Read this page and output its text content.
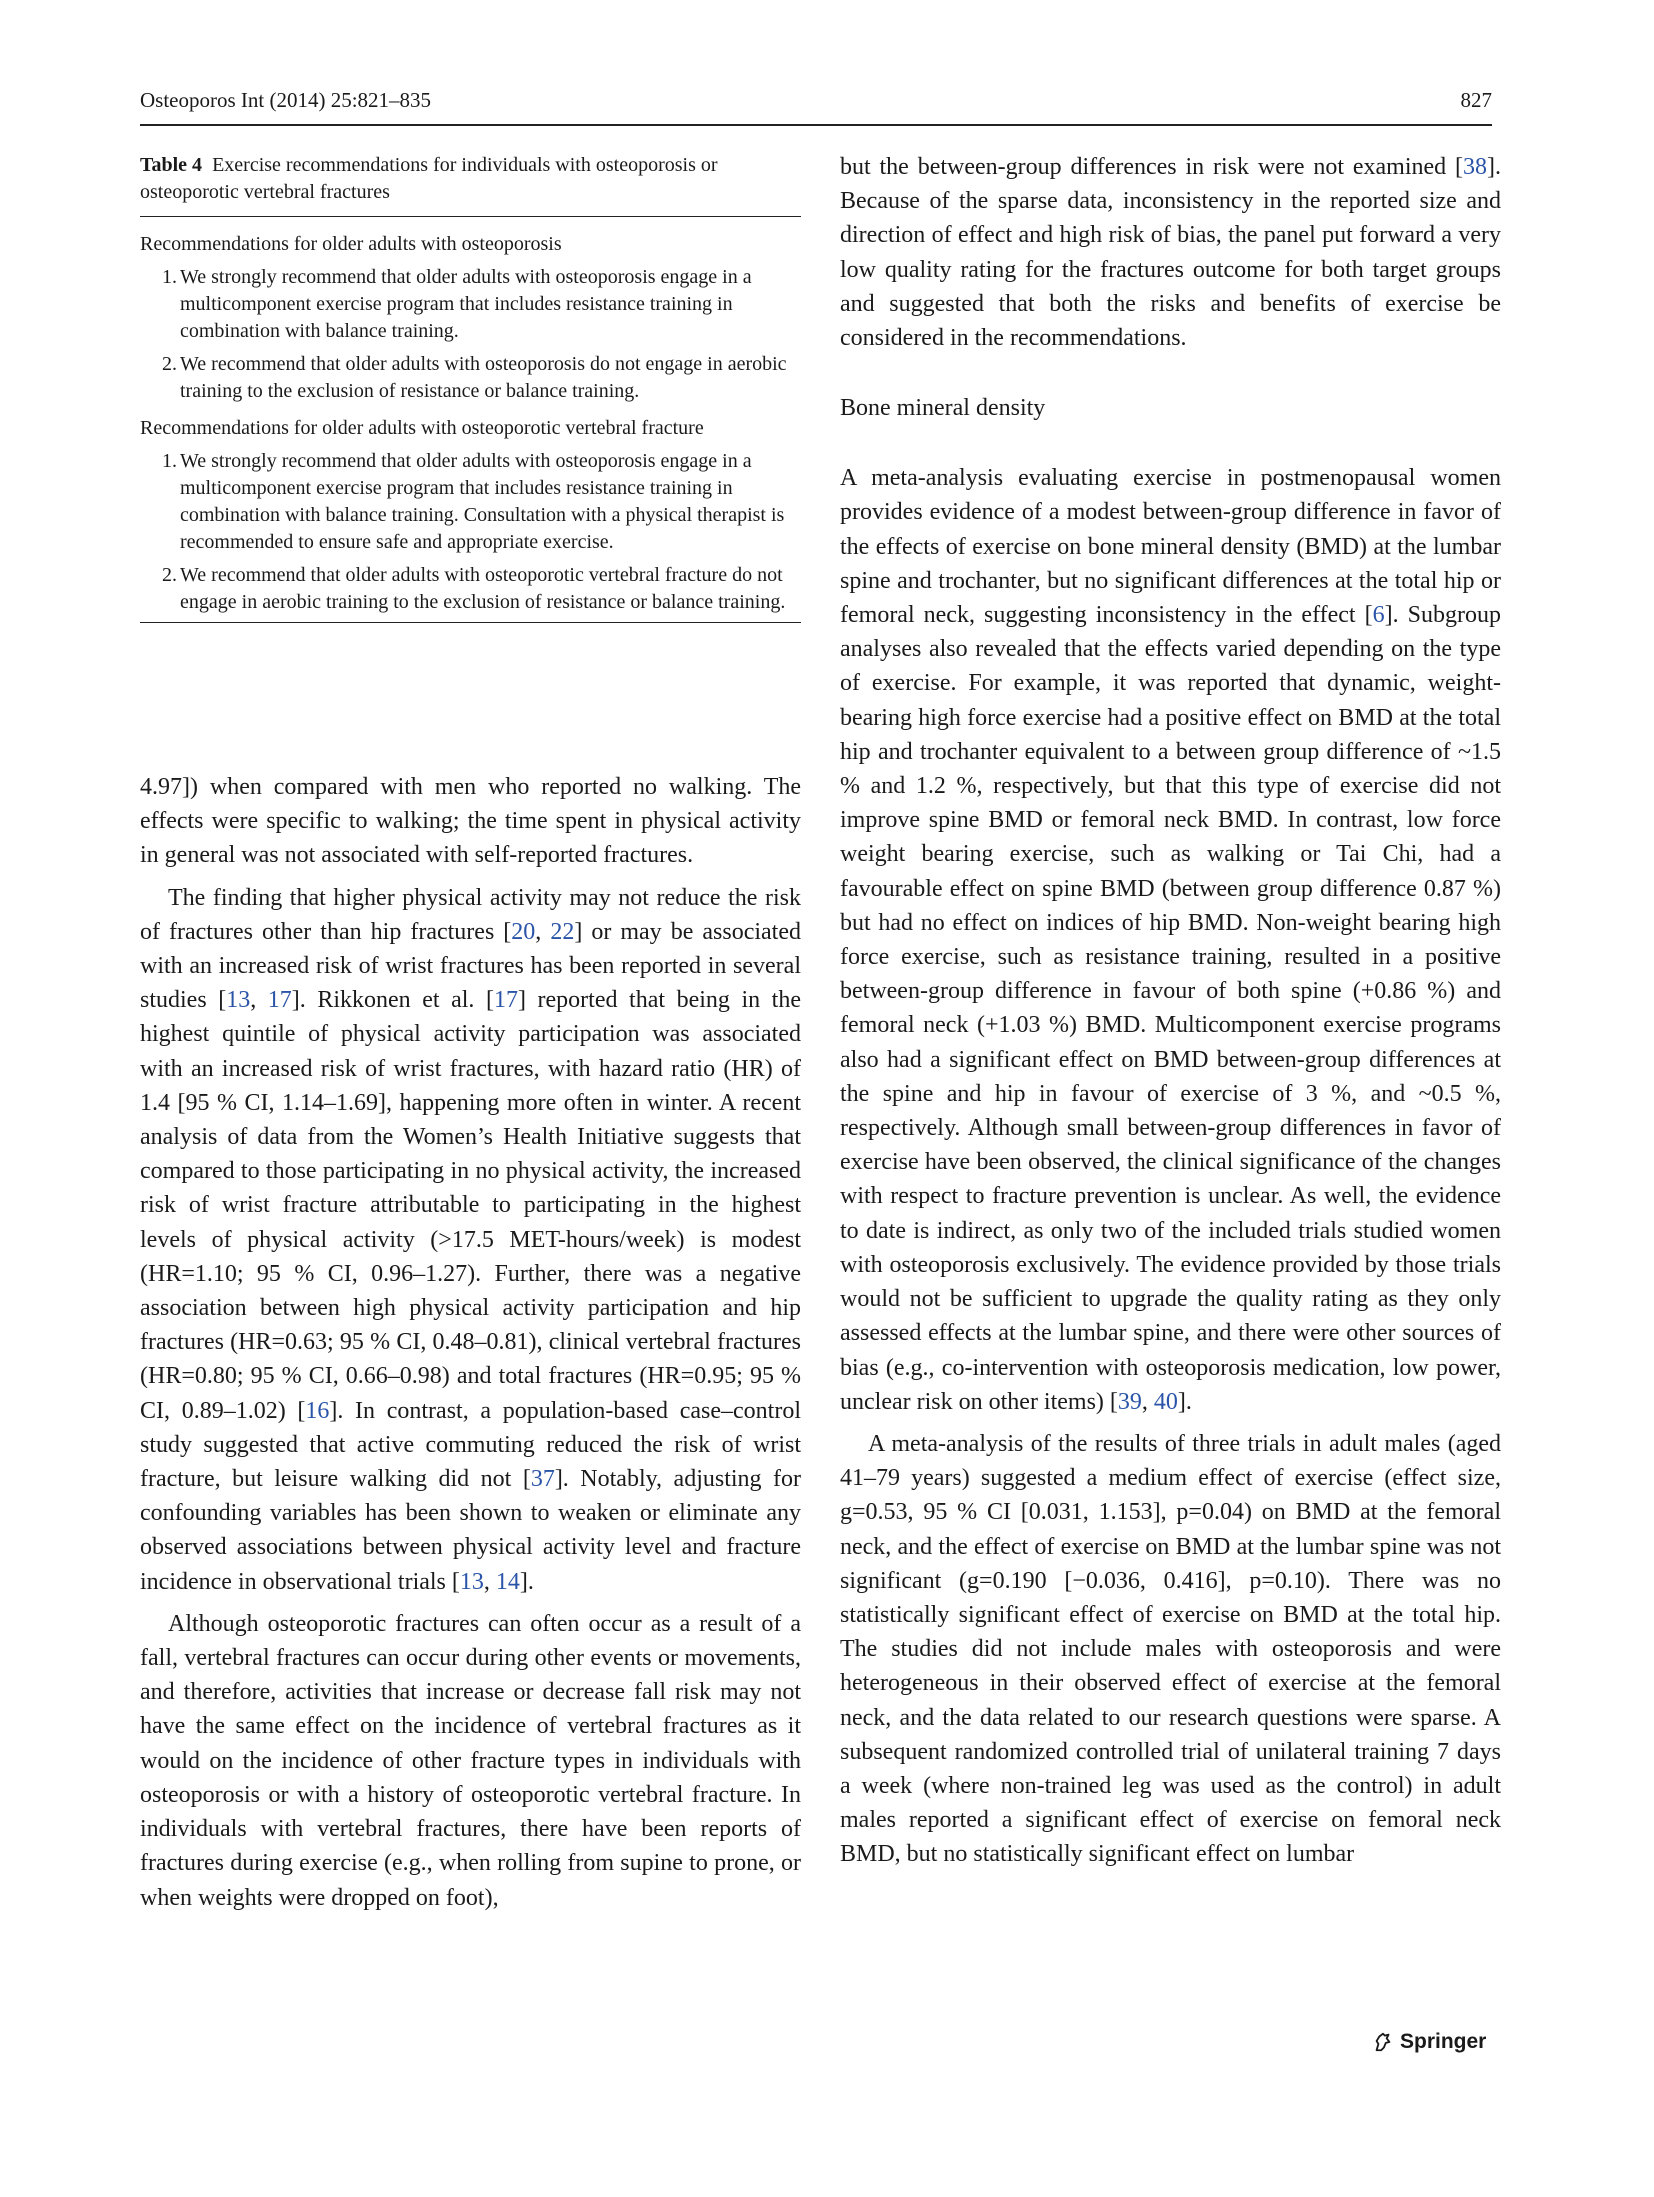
Osteoporos Int (2014) 25:821–835	827
Table 4 Exercise recommendations for individuals with osteoporosis or osteoporotic vertebral fractures
Recommendations for older adults with osteoporosis
1. We strongly recommend that older adults with osteoporosis engage in a multicomponent exercise program that includes resistance training in combination with balance training.
2. We recommend that older adults with osteoporosis do not engage in aerobic training to the exclusion of resistance or balance training.
Recommendations for older adults with osteoporotic vertebral fracture
1. We strongly recommend that older adults with osteoporosis engage in a multicomponent exercise program that includes resistance training in combination with balance training. Consultation with a physical therapist is recommended to ensure safe and appropriate exercise.
2. We recommend that older adults with osteoporotic vertebral fracture do not engage in aerobic training to the exclusion of resistance or balance training.

4.97]) when compared with men who reported no walking. The effects were specific to walking; the time spent in physical activity in general was not associated with self-reported fractures.

The finding that higher physical activity may not reduce the risk of fractures other than hip fractures [20, 22] or may be associated with an increased risk of wrist fractures has been reported in several studies [13, 17]. Rikkonen et al. [17] reported that being in the highest quintile of physical activity participation was associated with an increased risk of wrist fractures, with hazard ratio (HR) of 1.4 [95 % CI, 1.14–1.69], happening more often in winter. A recent analysis of data from the Women’s Health Initiative suggests that compared to those participating in no physical activity, the increased risk of wrist fracture attributable to participating in the highest levels of physical activity (>17.5 MET-hours/week) is modest (HR=1.10; 95 % CI, 0.96–1.27). Further, there was a negative association between high physical activity participation and hip fractures (HR=0.63; 95 % CI, 0.48–0.81), clinical vertebral fractures (HR=0.80; 95 % CI, 0.66–0.98) and total fractures (HR=0.95; 95 % CI, 0.89–1.02) [16]. In contrast, a population-based case–control study suggested that active commuting reduced the risk of wrist fracture, but leisure walking did not [37]. Notably, adjusting for confounding variables has been shown to weaken or eliminate any observed associations between physical activity level and fracture incidence in observational trials [13, 14].

Although osteoporotic fractures can often occur as a result of a fall, vertebral fractures can occur during other events or movements, and therefore, activities that increase or decrease fall risk may not have the same effect on the incidence of vertebral fractures as it would on the incidence of other fracture types in individuals with osteoporosis or with a history of osteoporotic vertebral fracture. In individuals with vertebral fractures, there have been reports of fractures during exercise (e.g., when rolling from supine to prone, or when weights were dropped on foot),

but the between-group differences in risk were not examined [38]. Because of the sparse data, inconsistency in the reported size and direction of effect and high risk of bias, the panel put forward a very low quality rating for the fractures outcome for both target groups and suggested that both the risks and benefits of exercise be considered in the recommendations.

Bone mineral density

A meta-analysis evaluating exercise in postmenopausal women provides evidence of a modest between-group difference in favor of the effects of exercise on bone mineral density (BMD) at the lumbar spine and trochanter, but no significant differences at the total hip or femoral neck, suggesting inconsistency in the effect [6]. Subgroup analyses also revealed that the effects varied depending on the type of exercise. For example, it was reported that dynamic, weight-bearing high force exercise had a positive effect on BMD at the total hip and trochanter equivalent to a between group difference of ~1.5 % and 1.2 %, respectively, but that this type of exercise did not improve spine BMD or femoral neck BMD. In contrast, low force weight bearing exercise, such as walking or Tai Chi, had a favourable effect on spine BMD (between group difference 0.87 %) but had no effect on indices of hip BMD. Non-weight bearing high force exercise, such as resistance training, resulted in a positive between-group difference in favour of both spine (+0.86 %) and femoral neck (+1.03 %) BMD. Multicomponent exercise programs also had a significant effect on BMD between-group differences at the spine and hip in favour of exercise of 3 %, and ~0.5 %, respectively. Although small between-group differences in favor of exercise have been observed, the clinical significance of the changes with respect to fracture prevention is unclear. As well, the evidence to date is indirect, as only two of the included trials studied women with osteoporosis exclusively. The evidence provided by those trials would not be sufficient to upgrade the quality rating as they only assessed effects at the lumbar spine, and there were other sources of bias (e.g., co-intervention with osteoporosis medication, low power, unclear risk on other items) [39, 40].

A meta-analysis of the results of three trials in adult males (aged 41–79 years) suggested a medium effect of exercise (effect size, g=0.53, 95 % CI [0.031, 1.153], p=0.04) on BMD at the femoral neck, and the effect of exercise on BMD at the lumbar spine was not significant (g=0.190 [−0.036, 0.416], p=0.10). There was no statistically significant effect of exercise on BMD at the total hip. The studies did not include males with osteoporosis and were heterogeneous in their observed effect of exercise at the femoral neck, and the data related to our research questions were sparse. A subsequent randomized controlled trial of unilateral training 7 days a week (where non-trained leg was used as the control) in adult males reported a significant effect of exercise on femoral neck BMD, but no statistically significant effect on lumbar

Springer
